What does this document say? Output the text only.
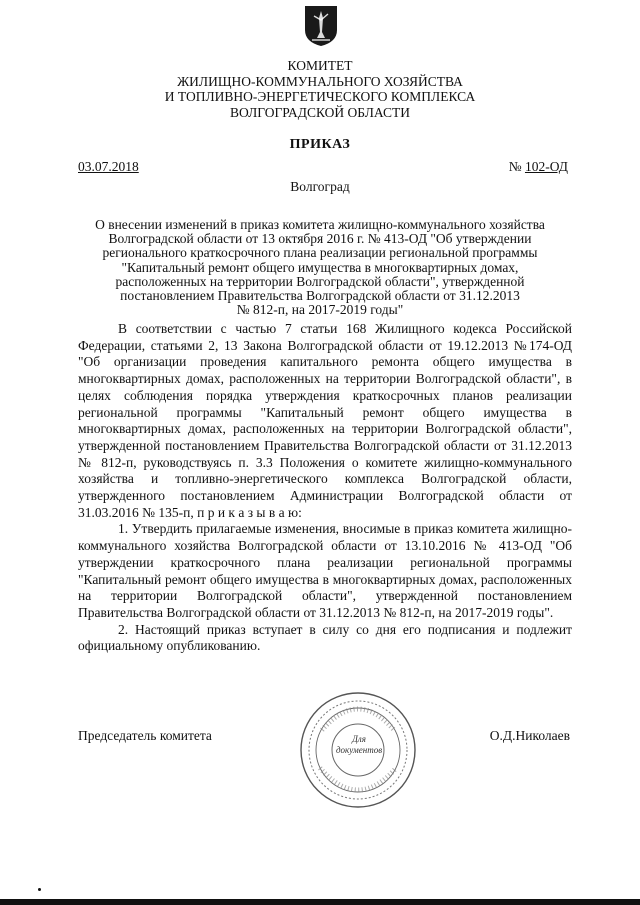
КОМИТЕТ
ЖИЛИЩНО-КОММУНАЛЬНОГО ХОЗЯЙСТВА
И ТОПЛИВНО-ЭНЕРГЕТИЧЕСКОГО КОМПЛЕКСА
ВОЛГОГРАДСКОЙ ОБЛАСТИ
ПРИКАЗ
03.07.2018	№ 102-ОД
Волгоград
О внесении изменений в приказ комитета жилищно-коммунального хозяйства
Волгоградской области от 13 октября 2016 г. № 413-ОД "Об утверждении
регионального краткосрочного плана реализации региональной программы
"Капитальный ремонт общего имущества в многоквартирных домах,
расположенных на территории Волгоградской области", утвержденной
постановлением Правительства Волгоградской области от 31.12.2013
№ 812-п, на 2017-2019 годы"

В соответствии с частью 7 статьи 168 Жилищного кодекса Российской Федерации, статьями 2, 13 Закона Волгоградской области от 19.12.2013 №174-ОД "Об организации проведения капитального ремонта общего имущества в многоквартирных домах, расположенных на территории Волгоградской области", в целях соблюдения порядка утверждения краткосрочных планов реализации региональной программы "Капитальный ремонт общего имущества в многоквартирных домах, расположенных на территории Волгоградской области", утвержденной постановлением Правительства Волгоградской области от 31.12.2013 № 812-п, руководствуясь п. 3.3 Положения о комитете жилищно-коммунального хозяйства и топливно-энергетического комплекса Волгоградской области, утвержденного постановлением Администрации Волгоградской области от 31.03.2016 № 135-п, п р и к а з ы в а ю:

1. Утвердить прилагаемые изменения, вносимые в приказ комитета жилищно-коммунального хозяйства Волгоградской области от 13.10.2016 № 413-ОД "Об утверждении краткосрочного плана реализации региональной программы "Капитальный ремонт общего имущества в многоквартирных домах, расположенных на территории Волгоградской области", утвержденной постановлением Правительства Волгоградской области от 31.12.2013 № 812-п, на 2017-2019 годы".

2. Настоящий приказ вступает в силу со дня его подписания и подлежит официальному опубликованию.

Для
документов
Председатель комитета	О.Д.Николаев
